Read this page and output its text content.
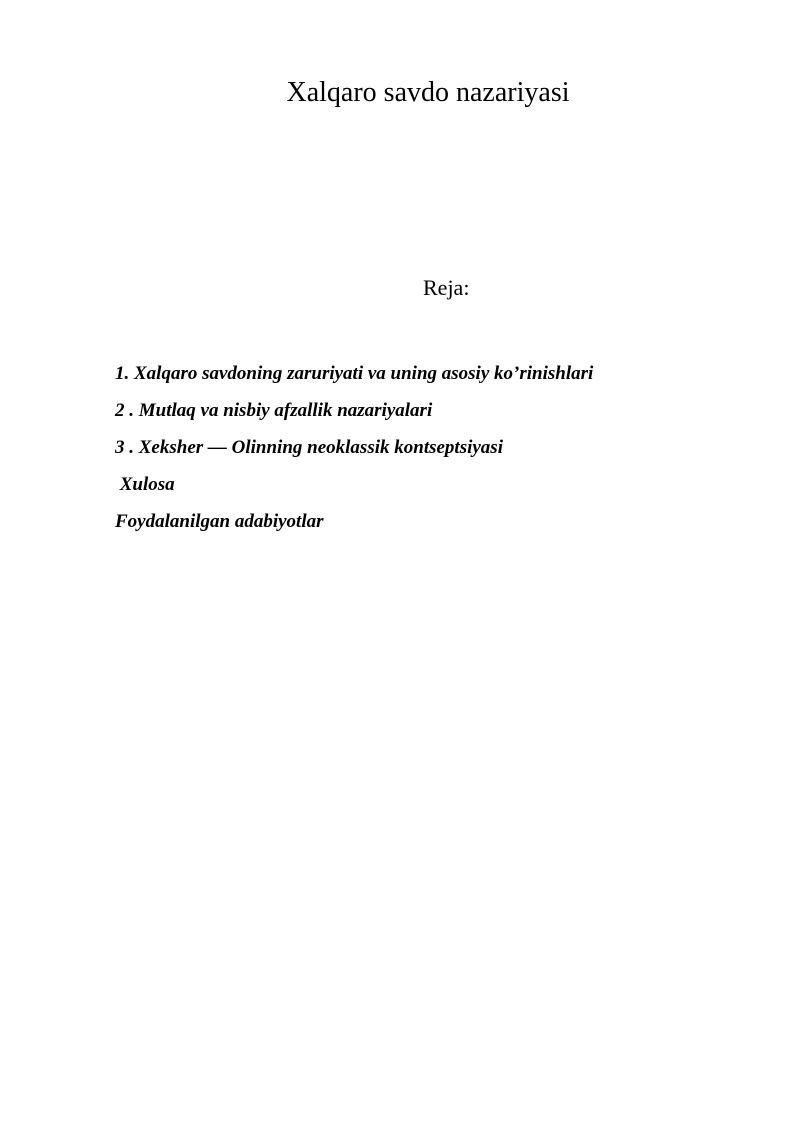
Xalqaro savdo nazariyasi
Reja:
1. Xalqaro savdoning zaruriyati va uning asosiy ko’rinishlari
2 . Mutlaq va nisbiy afzallik nazariyalari
3 . Xeksher — Olinning neoklassik kontseptsiyasi
Xulosa
Foydalanilgan adabiyotlar
